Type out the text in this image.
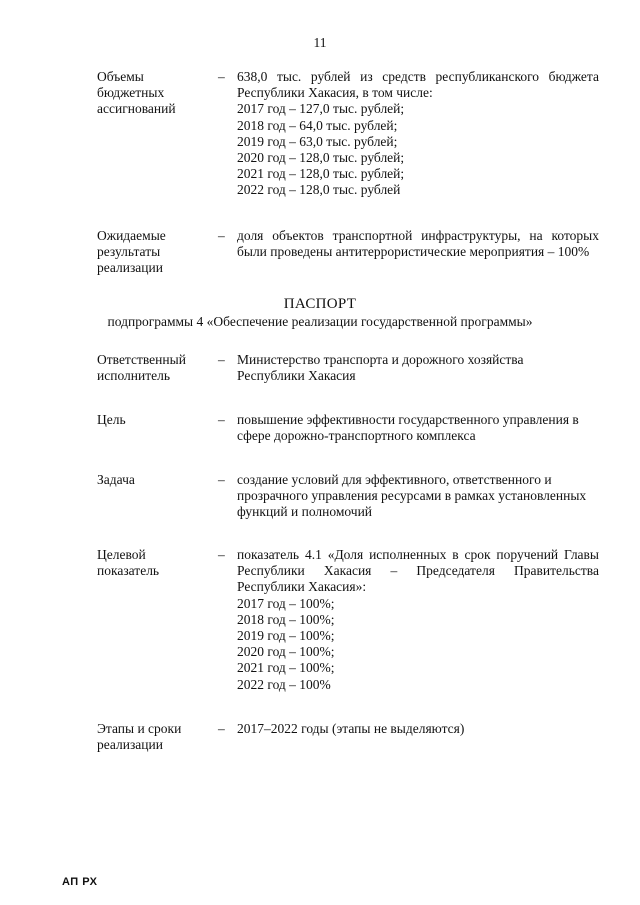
11
Объемы
бюджетных
ассигнований
– 638,0 тыс. рублей из средств республиканского бюджета Республики Хакасия, в том числе:
2017 год – 127,0 тыс. рублей;
2018 год – 64,0 тыс. рублей;
2019 год – 63,0 тыс. рублей;
2020 год – 128,0 тыс. рублей;
2021 год – 128,0 тыс. рублей;
2022 год – 128,0 тыс. рублей
Ожидаемые
результаты
реализации
– доля объектов транспортной инфраструктуры, на которых были проведены антитеррористические мероприятия – 100%
ПАСПОРТ
подпрограммы 4 «Обеспечение реализации государственной программы»
Ответственный
исполнитель
– Министерство транспорта и дорожного хозяйства
Республики Хакасия
Цель	– повышение эффективности государственного управления в сфере дорожно-транспортного комплекса
Задача	– создание условий для эффективного, ответственного и прозрачного управления ресурсами в рамках установленных функций и полномочий
Целевой
показатель
– показатель 4.1 «Доля исполненных в срок поручений Главы Республики Хакасия – Председателя Правительства Республики Хакасия»:
2017 год – 100%;
2018 год – 100%;
2019 год – 100%;
2020 год – 100%;
2021 год – 100%;
2022 год – 100%
Этапы и сроки
реализации
– 2017–2022 годы (этапы не выделяются)
АП РХ
